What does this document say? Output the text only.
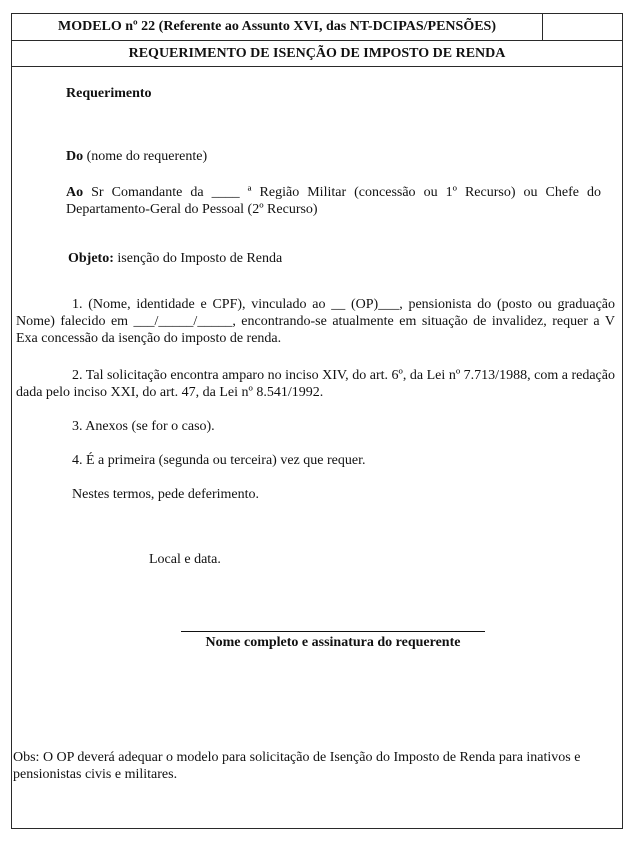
MODELO nº 22 (Referente ao Assunto XVI, das NT-DCIPAS/PENSÕES)
REQUERIMENTO DE ISENÇÃO DE IMPOSTO DE RENDA
Requerimento
Do (nome do requerente)
Ao Sr Comandante da ____ ª Região Militar (concessão ou 1º Recurso) ou Chefe do Departamento-Geral do Pessoal (2º Recurso)
Objeto: isenção do Imposto de Renda
1. (Nome, identidade e CPF), vinculado ao __ (OP)___, pensionista do (posto ou graduação Nome) falecido em ___/_____/_____, encontrando-se atualmente em situação de invalidez, requer a V Exa concessão da isenção do imposto de renda.
2. Tal solicitação encontra amparo no inciso XIV, do art. 6º, da Lei nº 7.713/1988, com a redação dada pelo inciso XXI, do art. 47, da Lei nº 8.541/1992.
3. Anexos (se for o caso).
4. É a primeira (segunda ou terceira) vez que requer.
Nestes termos, pede deferimento.
Local e data.
Nome completo e assinatura do requerente
Obs: O OP deverá adequar o modelo para solicitação de Isenção do Imposto de Renda para inativos e pensionistas civis e militares.
